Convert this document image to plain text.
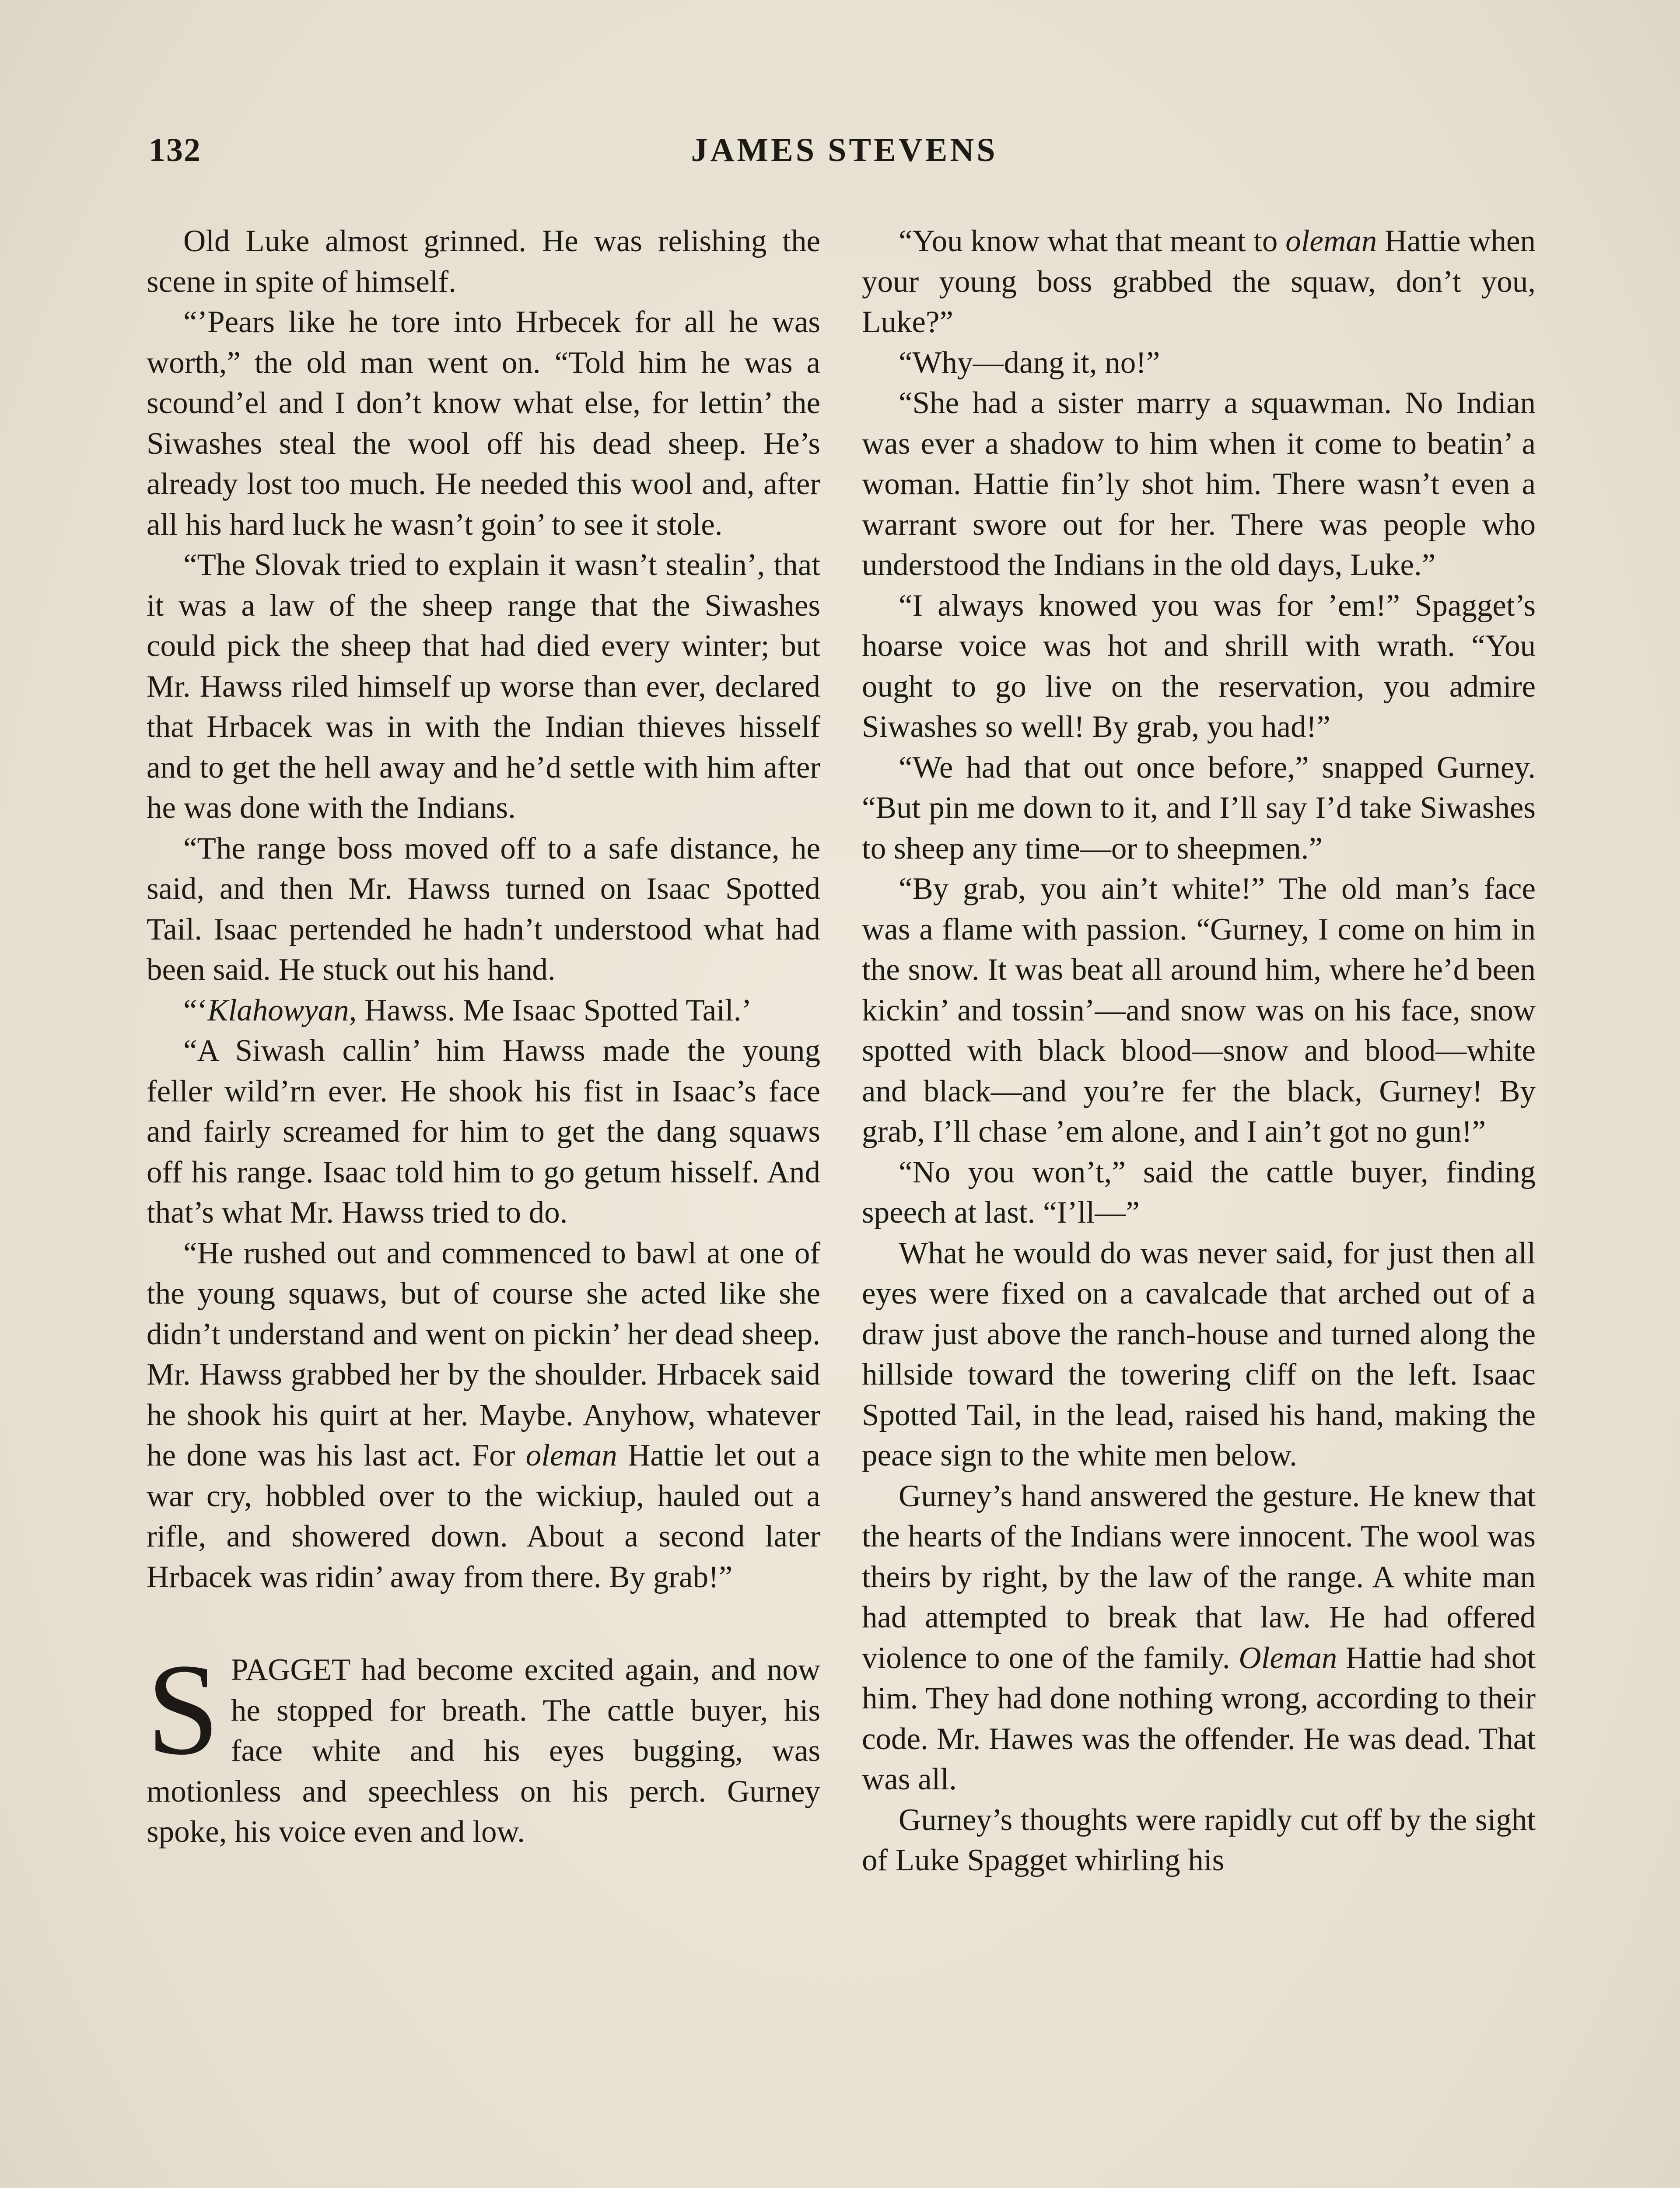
132	JAMES STEVENS

Old Luke almost grinned. He was relishing the scene in spite of himself.

“’Pears like he tore into Hrbecek for all he was worth,” the old man went on. “Told him he was a scound’el and I don’t know what else, for lettin’ the Siwashes steal the wool off his dead sheep. He’s already lost too much. He needed this wool and, after all his hard luck he wasn’t goin’ to see it stole.

“The Slovak tried to explain it wasn’t stealin’, that it was a law of the sheep range that the Siwashes could pick the sheep that had died every winter; but Mr. Hawss riled himself up worse than ever, declared that Hrbacek was in with the Indian thieves hisself and to get the hell away and he’d settle with him after he was done with the Indians.

“The range boss moved off to a safe distance, he said, and then Mr. Hawss turned on Isaac Spotted Tail. Isaac pertended he hadn’t understood what had been said. He stuck out his hand.

“‘Klahowyan, Hawss. Me Isaac Spotted Tail.’

“A Siwash callin’ him Hawss made the young feller wild’rn ever. He shook his fist in Isaac’s face and fairly screamed for him to get the dang squaws off his range. Isaac told him to go getum hisself. And that’s what Mr. Hawss tried to do.

“He rushed out and commenced to bawl at one of the young squaws, but of course she acted like she didn’t understand and went on pickin’ her dead sheep. Mr. Hawss grabbed her by the shoulder. Hrbacek said he shook his quirt at her. Maybe. Anyhow, whatever he done was his last act. For oleman Hattie let out a war cry, hobbled over to the wickiup, hauled out a rifle, and showered down. About a second later Hrbacek was ridin’ away from there. By grab!”

SPAGGET had become excited again, and now he stopped for breath. The cattle buyer, his face white and his eyes bugging, was motionless and speechless on his perch. Gurney spoke, his voice even and low.

“You know what that meant to oleman Hattie when your young boss grabbed the squaw, don’t you, Luke?”

“Why—dang it, no!”

“She had a sister marry a squawman. No Indian was ever a shadow to him when it come to beatin’ a woman. Hattie fin’ly shot him. There wasn’t even a warrant swore out for her. There was people who understood the Indians in the old days, Luke.”

“I always knowed you was for ’em!” Spagget’s hoarse voice was hot and shrill with wrath. “You ought to go live on the reservation, you admire Siwashes so well! By grab, you had!”

“We had that out once before,” snapped Gurney. “But pin me down to it, and I’ll say I’d take Siwashes to sheep any time—or to sheepmen.”

“By grab, you ain’t white!” The old man’s face was a flame with passion. “Gurney, I come on him in the snow. It was beat all around him, where he’d been kickin’ and tossin’—and snow was on his face, snow spotted with black blood—snow and blood—white and black—and you’re fer the black, Gurney! By grab, I’ll chase ’em alone, and I ain’t got no gun!”

“No you won’t,” said the cattle buyer, finding speech at last. “I’ll—”

What he would do was never said, for just then all eyes were fixed on a cavalcade that arched out of a draw just above the ranch-house and turned along the hillside toward the towering cliff on the left. Isaac Spotted Tail, in the lead, raised his hand, making the peace sign to the white men below.

Gurney’s hand answered the gesture. He knew that the hearts of the Indians were innocent. The wool was theirs by right, by the law of the range. A white man had attempted to break that law. He had offered violence to one of the family. Oleman Hattie had shot him. They had done nothing wrong, according to their code. Mr. Hawes was the offender. He was dead. That was all.

Gurney’s thoughts were rapidly cut off by the sight of Luke Spagget whirling his
